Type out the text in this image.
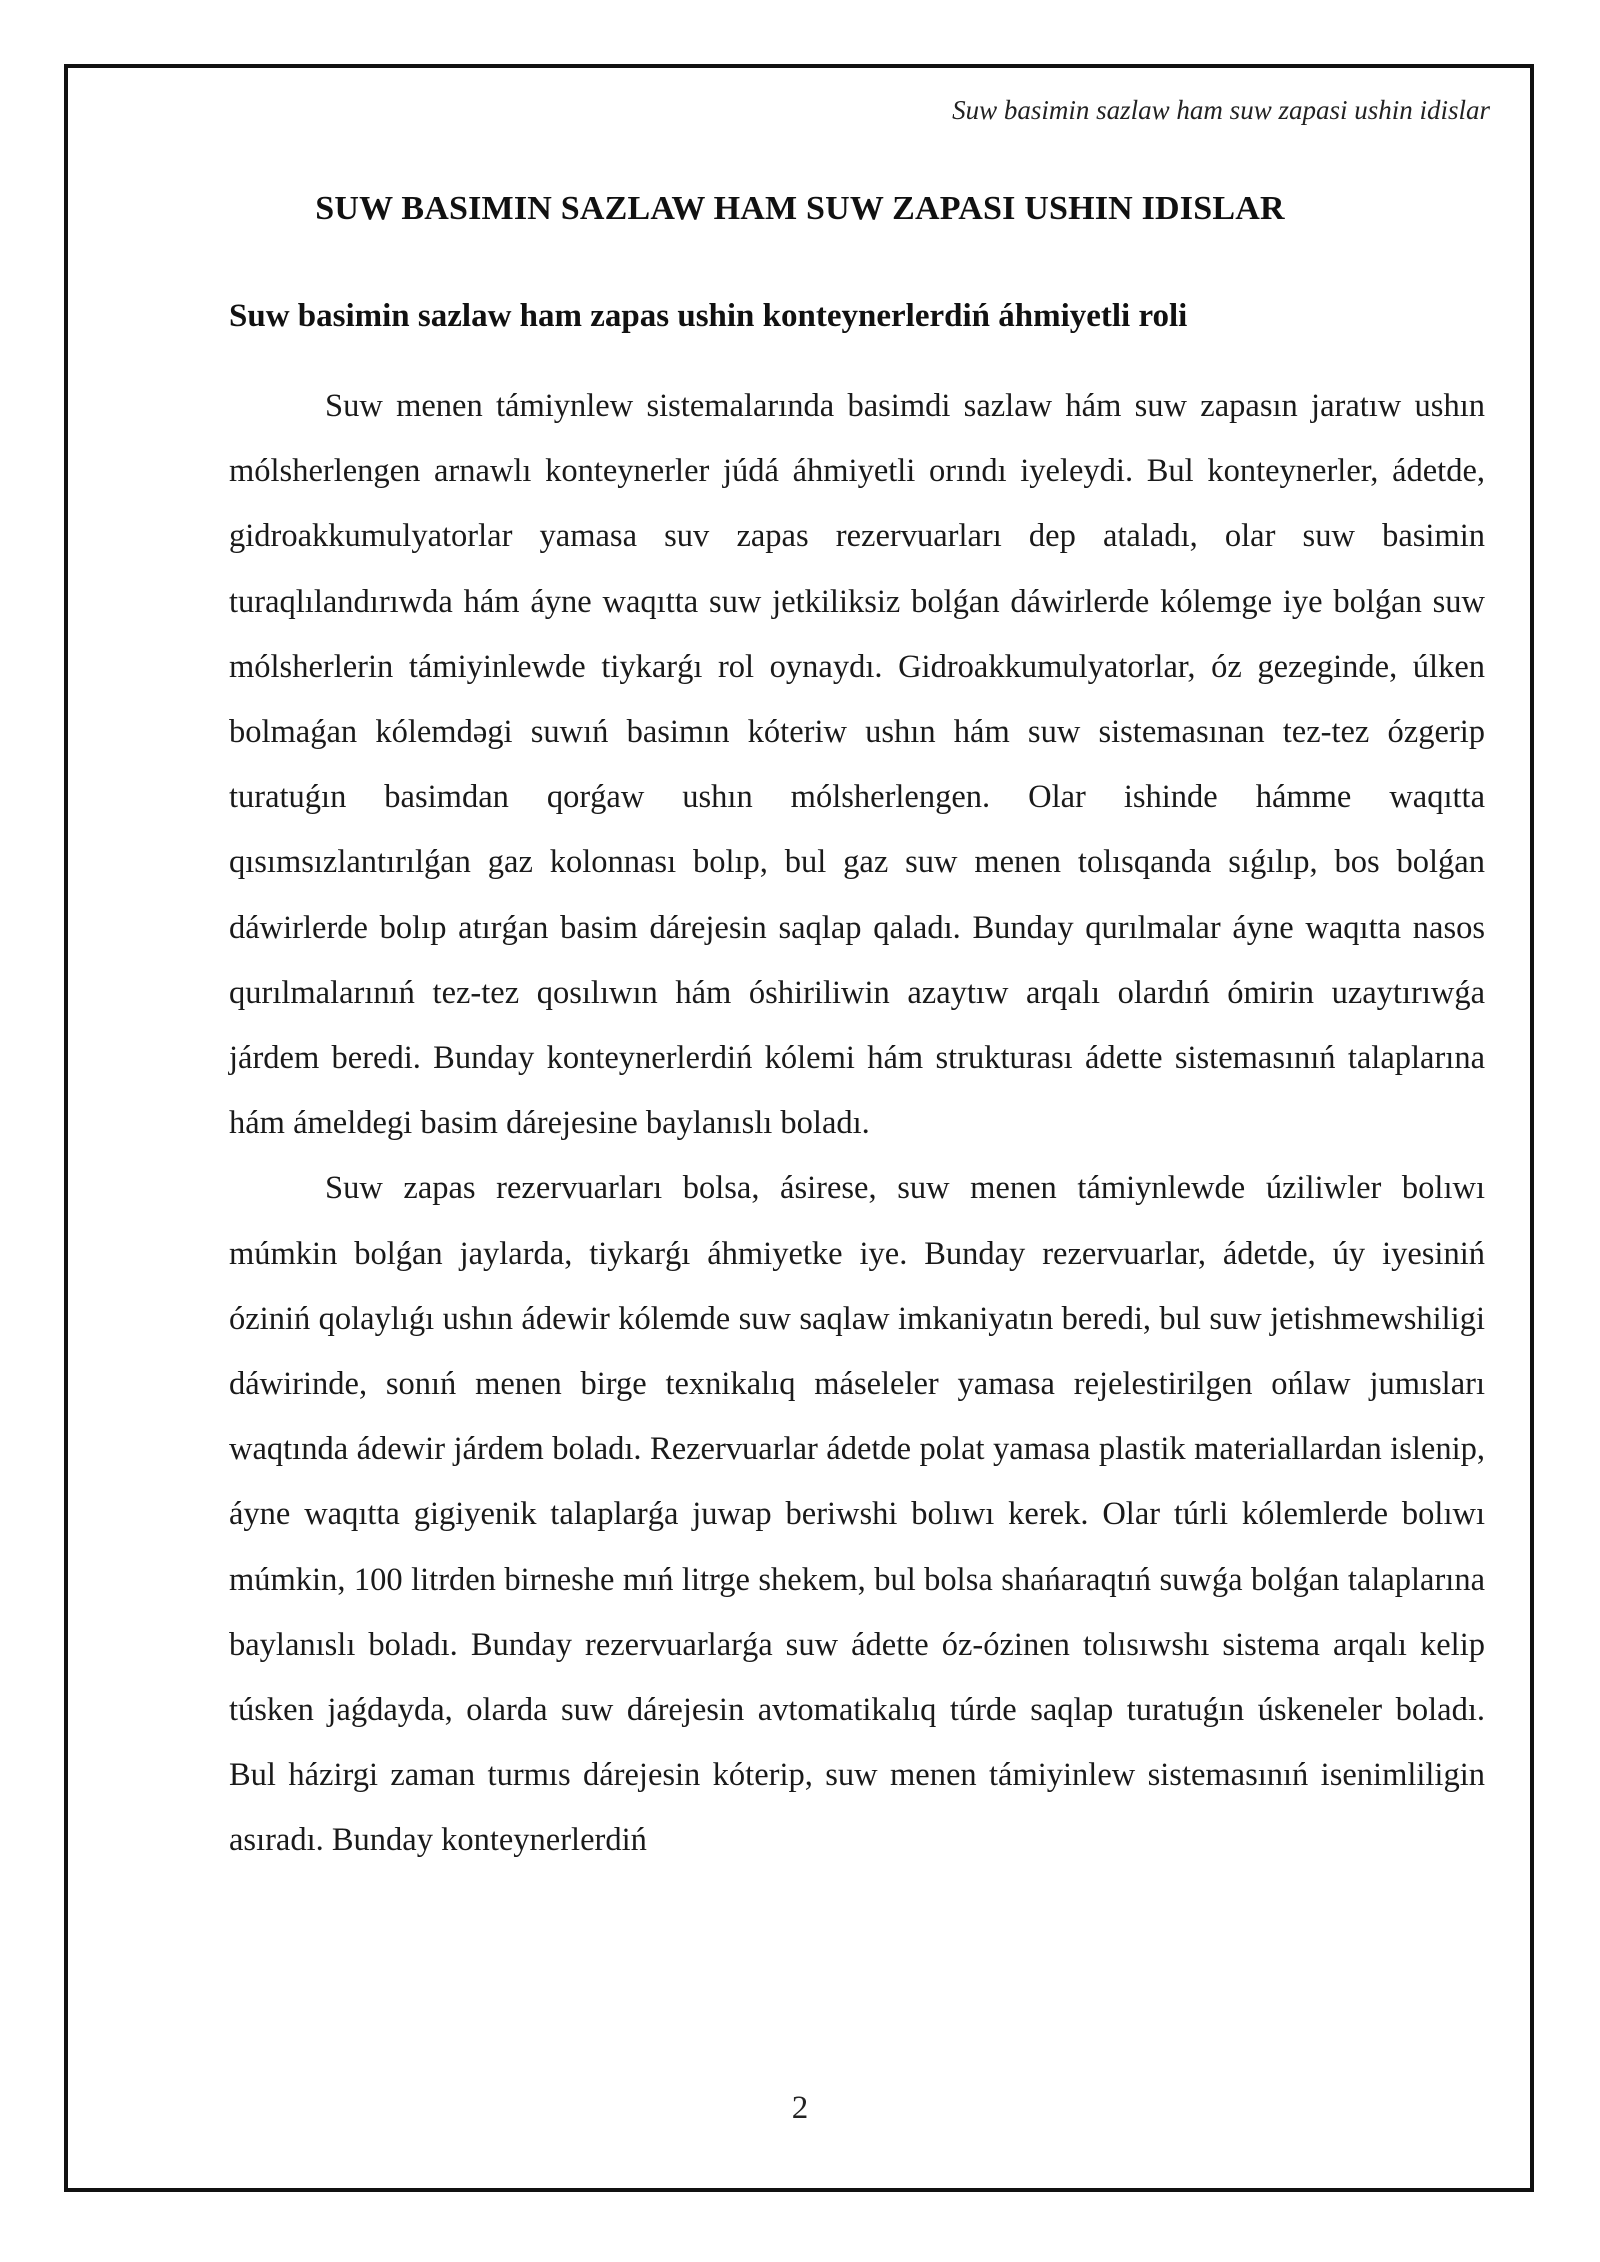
Suw basimin sazlaw ham suw zapasi ushin idislar
SUW BASIMIN SAZLAW HAM SUW ZAPASI USHIN IDISLAR
Suw basimin sazlaw ham zapas ushin konteynerlerdiń áhmiyetli roli

Suw menen támiynlew sistemalarında basimdi sazlaw hám suw zapasın jaratıw ushın mólsherlengen arnawlı konteynerler júdá áhmiyetli orındı iyeleydi. Bul konteynerler, ádetde, gidroakkumulyatorlar yamasa suv zapas rezervuarları dep ataladı, olar suw basimin turaqlılandırıwda hám áyne waqıtta suw jetkiliksiz bolǵan dáwirlerde kólemge iye bolǵan suw mólsherlerin támiyinlewde tiykarǵı rol oynaydı. Gidroakkumulyatorlar, óz gezeginde, úlken bolmaǵan kólemdəgi suwıń basimın kóteriw ushın hám suw sistemasınan tez-tez ózgerip turatuǵın basimdan qorǵaw ushın mólsherlengen. Olar ishinde hámme waqıtta qısımsızlantırılǵan gaz kolonnası bolıp, bul gaz suw menen tolısqanda sıǵılıp, bos bolǵan dáwirlerde bolıp atırǵan basim dárejesin saqlap qaladı. Bunday qurılmalar áyne waqıtta nasos qurılmalarınıń tez-tez qosılıwın hám óshiriliwin azaytıw arqalı olardıń ómirin uzaytırıwǵa járdem beredi. Bunday konteynerlerdiń kólemi hám strukturası ádette sistemasınıń talaplarına hám ámeldegi basim dárejesine baylanıslı boladı.

Suw zapas rezervuarları bolsa, ásirese, suw menen támiynlewde úziliwler bolıwı múmkin bolǵan jaylarda, tiykarǵı áhmiyetke iye. Bunday rezervuarlar, ádetde, úy iyesiniń óziniń qolaylıǵı ushın ádewir kólemde suw saqlaw imkaniyatın beredi, bul suw jetishmewshiligi dáwirinde, sonıń menen birge texnikalıq máseleler yamasa rejelestirilgen ońlaw jumısları waqtında ádewir járdem boladı. Rezervuarlar ádetde polat yamasa plastik materiallardan islenip, áyne waqıtta gigiyenik talaplarǵa juwap beriwshi bolıwı kerek. Olar túrli kólemlerde bolıwı múmkin, 100 litrden birneshe mıń litrge shekem, bul bolsa shańaraqtıń suwǵa bolǵan talaplarına baylanıslı boladı. Bunday rezervuarlarǵa suw ádette óz-ózinen tolısıwshı sistema arqalı kelip túsken jaǵdayda, olarda suw dárejesin avtomatikalıq túrde saqlap turatuǵın úskeneler boladı. Bul házirgi zaman turmıs dárejesin kóterip, suw menen támiyinlew sistemasınıń isenimliligin asıradı. Bunday konteynerlerdiń

2
